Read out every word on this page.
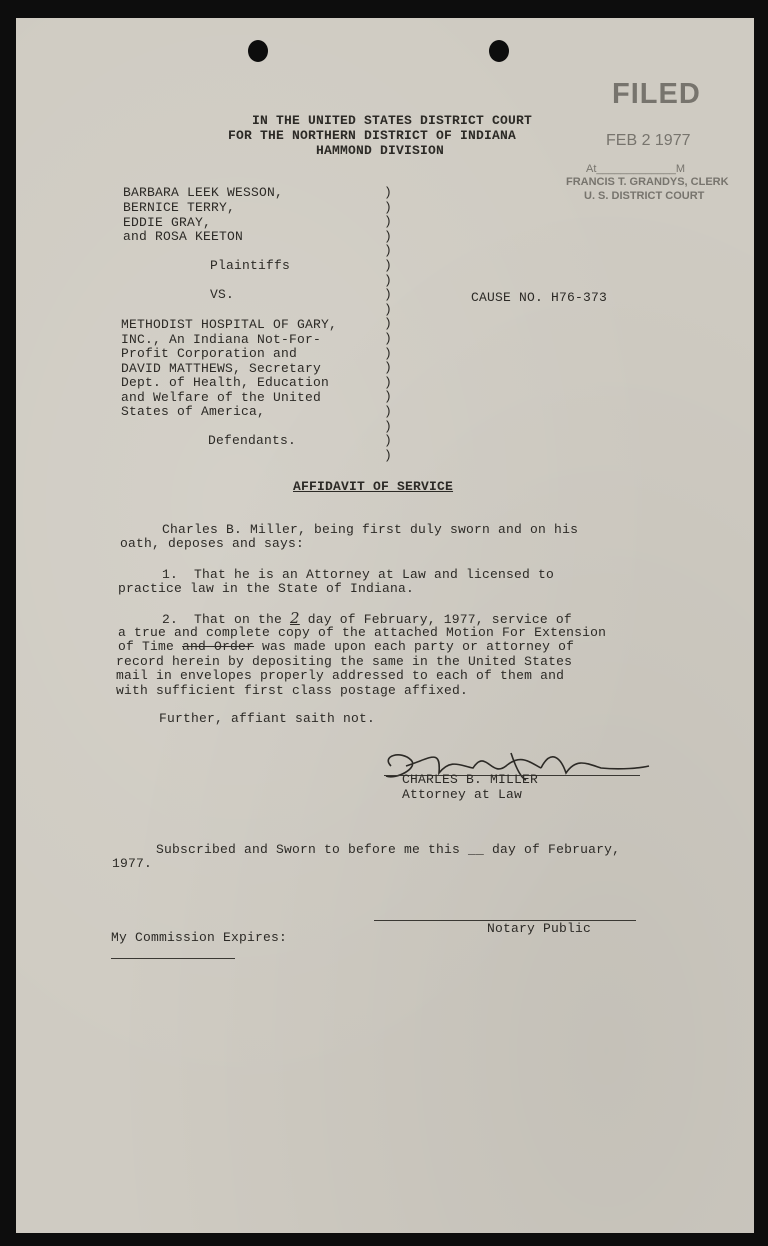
IN THE UNITED STATES DISTRICT COURT
FOR THE NORTHERN DISTRICT OF INDIANA
HAMMOND DIVISION
FILED
FEB 2 1977
At_____________M
FRANCIS T. GRANDYS, CLERK
U. S. DISTRICT COURT
BARBARA LEEK WESSON,
BERNICE TERRY,
EDDIE GRAY,
and ROSA KEETON
Plaintiffs
VS.
METHODIST HOSPITAL OF GARY,
INC., An Indiana Not-For-
Profit Corporation and
DAVID MATTHEWS, Secretary
Dept. of Health, Education
and Welfare of the United
States of America,
Defendants.
)
)
)
)
)
)
)
)
)
)
)
)
)
)
)
)
)
)
)
CAUSE NO. H76-373
AFFIDAVIT OF SERVICE
Charles B. Miller, being first duly sworn and on his
oath, deposes and says:
1.  That he is an Attorney at Law and licensed to
practice law in the State of Indiana.
2.  That on the 2 day of February, 1977, service of
a true and complete copy of the attached Motion For Extension
of Time and Order was made upon each party or attorney of
record herein by depositing the same in the United States
mail in envelopes properly addressed to each of them and
with sufficient first class postage affixed.
Further, affiant saith not.
CHARLES B. MILLER
Attorney at Law
Subscribed and Sworn to before me this __ day of February,
1977.
Notary Public
My Commission Expires:
